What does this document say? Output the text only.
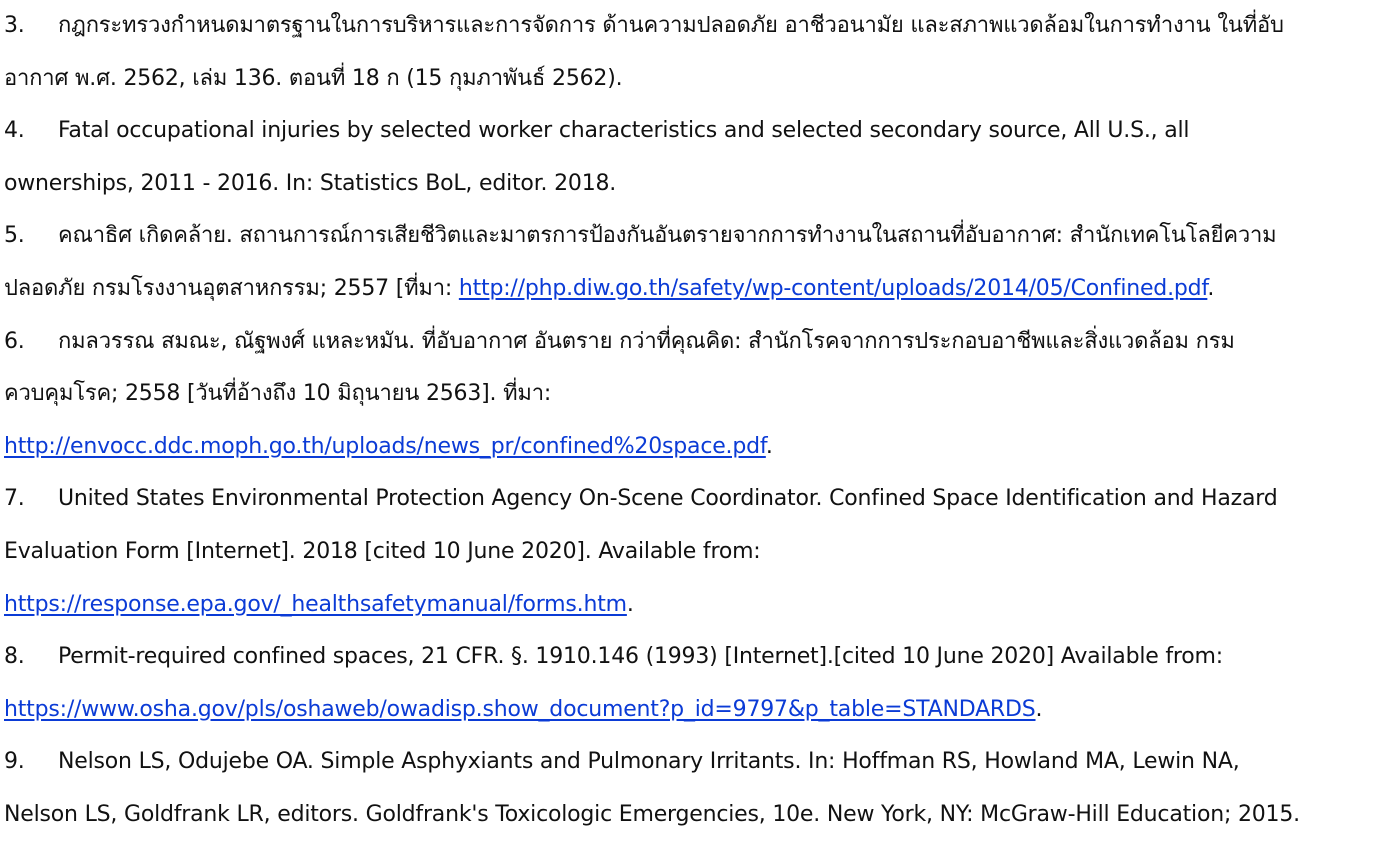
3. กฎกระทรวงกำหนดมาตรฐานในการบริหารและการจัดการ ด้านความปลอดภัย อาชีวอนามัย และสภาพแวดล้อมในการทำงาน ในที่อับ
อากาศ พ.ศ. 2562, เล่ม 136. ตอนที่ 18 ก (15 กุมภาพันธ์ 2562).
4. Fatal occupational injuries by selected worker characteristics and selected secondary source, All U.S., all
ownerships, 2011 - 2016. In: Statistics BoL, editor. 2018.
5. คณาธิศ เกิดคล้าย. สถานการณ์การเสียชีวิตและมาตรการป้องกันอันตรายจากการทำงานในสถานที่อับอากาศ: สำนักเทคโนโลยีความ
ปลอดภัย กรมโรงงานอุตสาหกรรม; 2557 [ที่มา: http://php.diw.go.th/safety/wp-content/uploads/2014/05/Confined.pdf.
6. กมลวรรณ สมณะ, ณัฐพงศ์ แหละหมัน. ที่อับอากาศ อันตราย กว่าที่คุณคิด: สำนักโรคจากการประกอบอาชีพและสิ่งแวดล้อม กรม
ควบคุมโรค; 2558 [วันที่อ้างถึง 10 มิถุนายน 2563]. ที่มา:
http://envocc.ddc.moph.go.th/uploads/news_pr/confined%20space.pdf.
7. United States Environmental Protection Agency On-Scene Coordinator. Confined Space Identification and Hazard
Evaluation Form [Internet]. 2018 [cited 10 June 2020]. Available from:
https://response.epa.gov/_healthsafetymanual/forms.htm.
8. Permit-required confined spaces, 21 CFR. §. 1910.146 (1993) [Internet].[cited 10 June 2020] Available from:
https://www.osha.gov/pls/oshaweb/owadisp.show_document?p_id=9797&p_table=STANDARDS.
9. Nelson LS, Odujebe OA. Simple Asphyxiants and Pulmonary Irritants. In: Hoffman RS, Howland MA, Lewin NA,
Nelson LS, Goldfrank LR, editors. Goldfrank's Toxicologic Emergencies, 10e. New York, NY: McGraw-Hill Education; 2015.
